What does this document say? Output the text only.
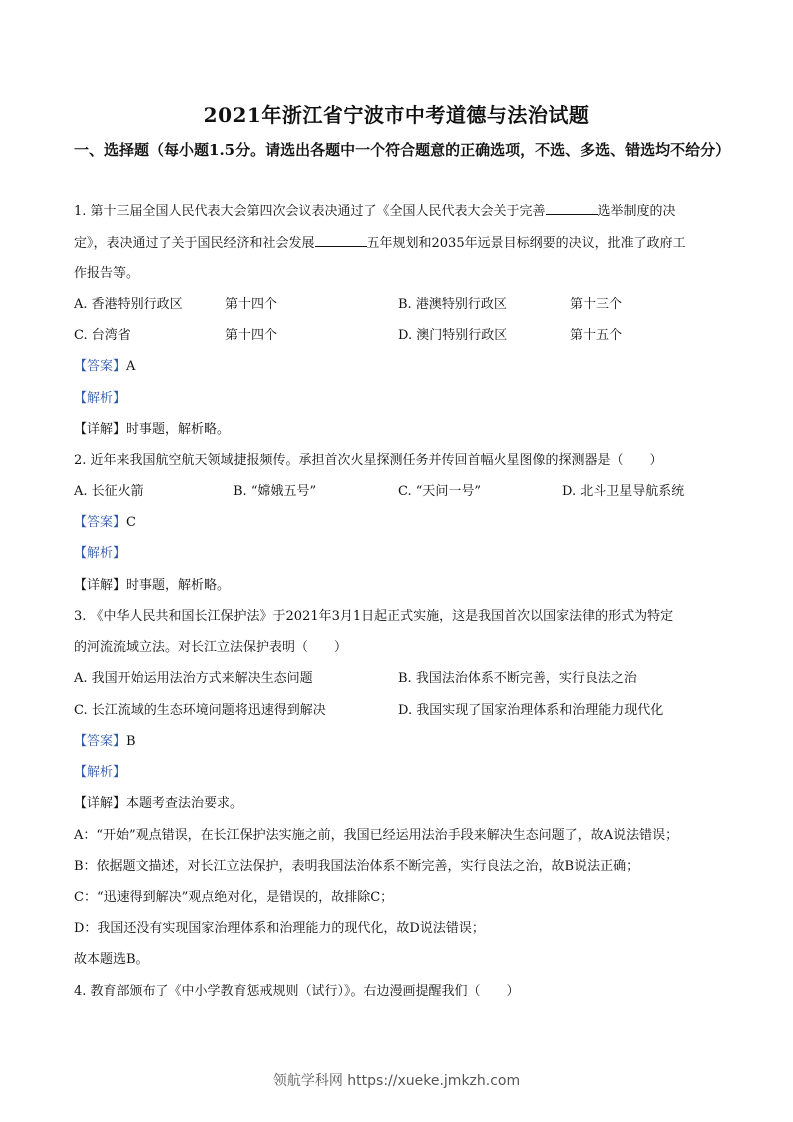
2021年浙江省宁波市中考道德与法治试题
一、选择题（每小题1.5分。请选出各题中一个符合题意的正确选项，不选、多选、错选均不给分）
1. 第十三届全国人民代表大会第四次会议表决通过了《全国人民代表大会关于完善	选举制度的决
定》，表决通过了关于国民经济和社会发展	五年规划和2035年远景目标纲要的决议，批准了政府工
作报告等。
A. 香港特别行政区	第十四个	B. 港澳特别行政区	第十三个
C. 台湾省	第十四个	D. 澳门特别行政区	第十五个
【答案】A
【解析】
【详解】时事题，解析略。
2. 近年来我国航空航天领域捷报频传。承担首次火星探测任务并传回首幅火星图像的探测器是（　　）
A. 长征火箭	B. “嫦娥五号”	C. “天问一号”	D. 北斗卫星导航系统
【答案】C
【解析】
【详解】时事题，解析略。
3. 《中华人民共和国长江保护法》于2021年3月1日起正式实施，这是我国首次以国家法律的形式为特定
的河流流域立法。对长江立法保护表明（　　）
A. 我国开始运用法治方式来解决生态问题	B. 我国法治体系不断完善，实行良法之治
C. 长江流域的生态环境问题将迅速得到解决	D. 我国实现了国家治理体系和治理能力现代化
【答案】B
【解析】
【详解】本题考查法治要求。
A：“开始”观点错误，在长江保护法实施之前，我国已经运用法治手段来解决生态问题了，故A说法错误；
B：依据题文描述，对长江立法保护，表明我国法治体系不断完善，实行良法之治，故B说法正确；
C：“迅速得到解决”观点绝对化，是错误的，故排除C；
D：我国还没有实现国家治理体系和治理能力的现代化，故D说法错误；
故本题选B。
4. 教育部颁布了《中小学教育惩戒规则（试行）》。右边漫画提醒我们（　　）
领航学科网 https://xueke.jmkzh.com
